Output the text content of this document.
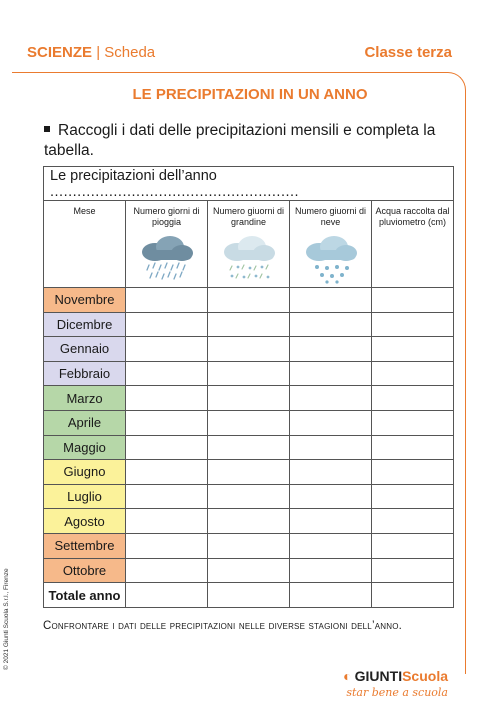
SCIENZE | Scheda	Classe terza
LE PRECIPITAZIONI IN UN ANNO
Raccogli i dati delle precipitazioni mensili e completa la tabella.
Le precipitazioni dell’anno .......................................................				
Mese	Numero giorni di pioggia	Numero giuorni di grandine	Numero giuorni di neve	Acqua raccolta dal pluviometro (cm)
Novembre				
Dicembre				
Gennaio				
Febbraio				
Marzo				
Aprile				
Maggio				
Giugno				
Luglio				
Agosto				
Settembre				
Ottobre				
Totale anno				
Confrontare i dati delle precipitazioni nelle diverse stagioni dell’anno.
© 2021 Giunti Scuola S.r.l., Firenze
◐ GIUNTIScuola
star bene a scuola
